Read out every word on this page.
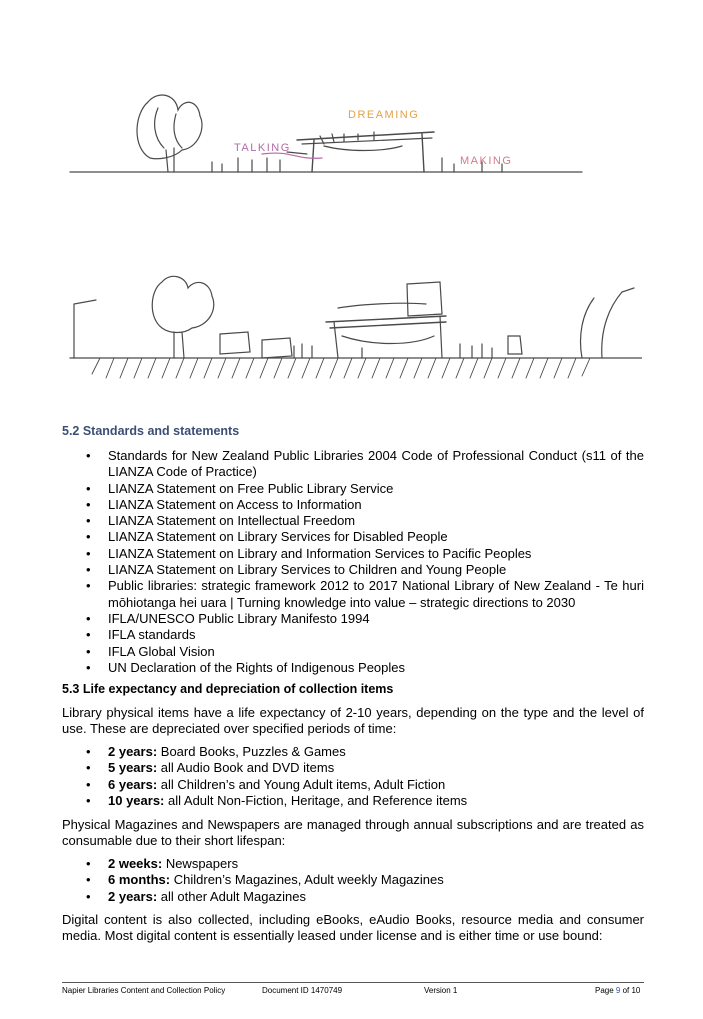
TALKING
DREAMING
MAKING
5.2 Standards and statements
• Standards for New Zealand Public Libraries 2004 Code of Professional Conduct (s11 of the LIANZA Code of Practice)
• LIANZA Statement on Free Public Library Service
• LIANZA Statement on Access to Information
• LIANZA Statement on Intellectual Freedom
• LIANZA Statement on Library Services for Disabled People
• LIANZA Statement on Library and Information Services to Pacific Peoples
• LIANZA Statement on Library Services to Children and Young People
• Public libraries: strategic framework 2012 to 2017 National Library of New Zealand - Te huri mōhiotanga hei uara | Turning knowledge into value – strategic directions to 2030
• IFLA/UNESCO Public Library Manifesto 1994
• IFLA standards
• IFLA Global Vision
• UN Declaration of the Rights of Indigenous Peoples
5.3 Life expectancy and depreciation of collection items

Library physical items have a life expectancy of 2-10 years, depending on the type and the level of use. These are depreciated over specified periods of time:

• 2 years: Board Books, Puzzles & Games
• 5 years: all Audio Book and DVD items
• 6 years: all Children’s and Young Adult items, Adult Fiction
• 10 years: all Adult Non-Fiction, Heritage, and Reference items

Physical Magazines and Newspapers are managed through annual subscriptions and are treated as consumable due to their short lifespan:

• 2 weeks: Newspapers
• 6 months: Children’s Magazines, Adult weekly Magazines
• 2 years: all other Adult Magazines

Digital content is also collected, including eBooks, eAudio Books, resource media and consumer media. Most digital content is essentially leased under license and is either time or use bound:

Napier Libraries Content and Collection Policy	Document ID 1470749	Version 1	Page 9 of 10
